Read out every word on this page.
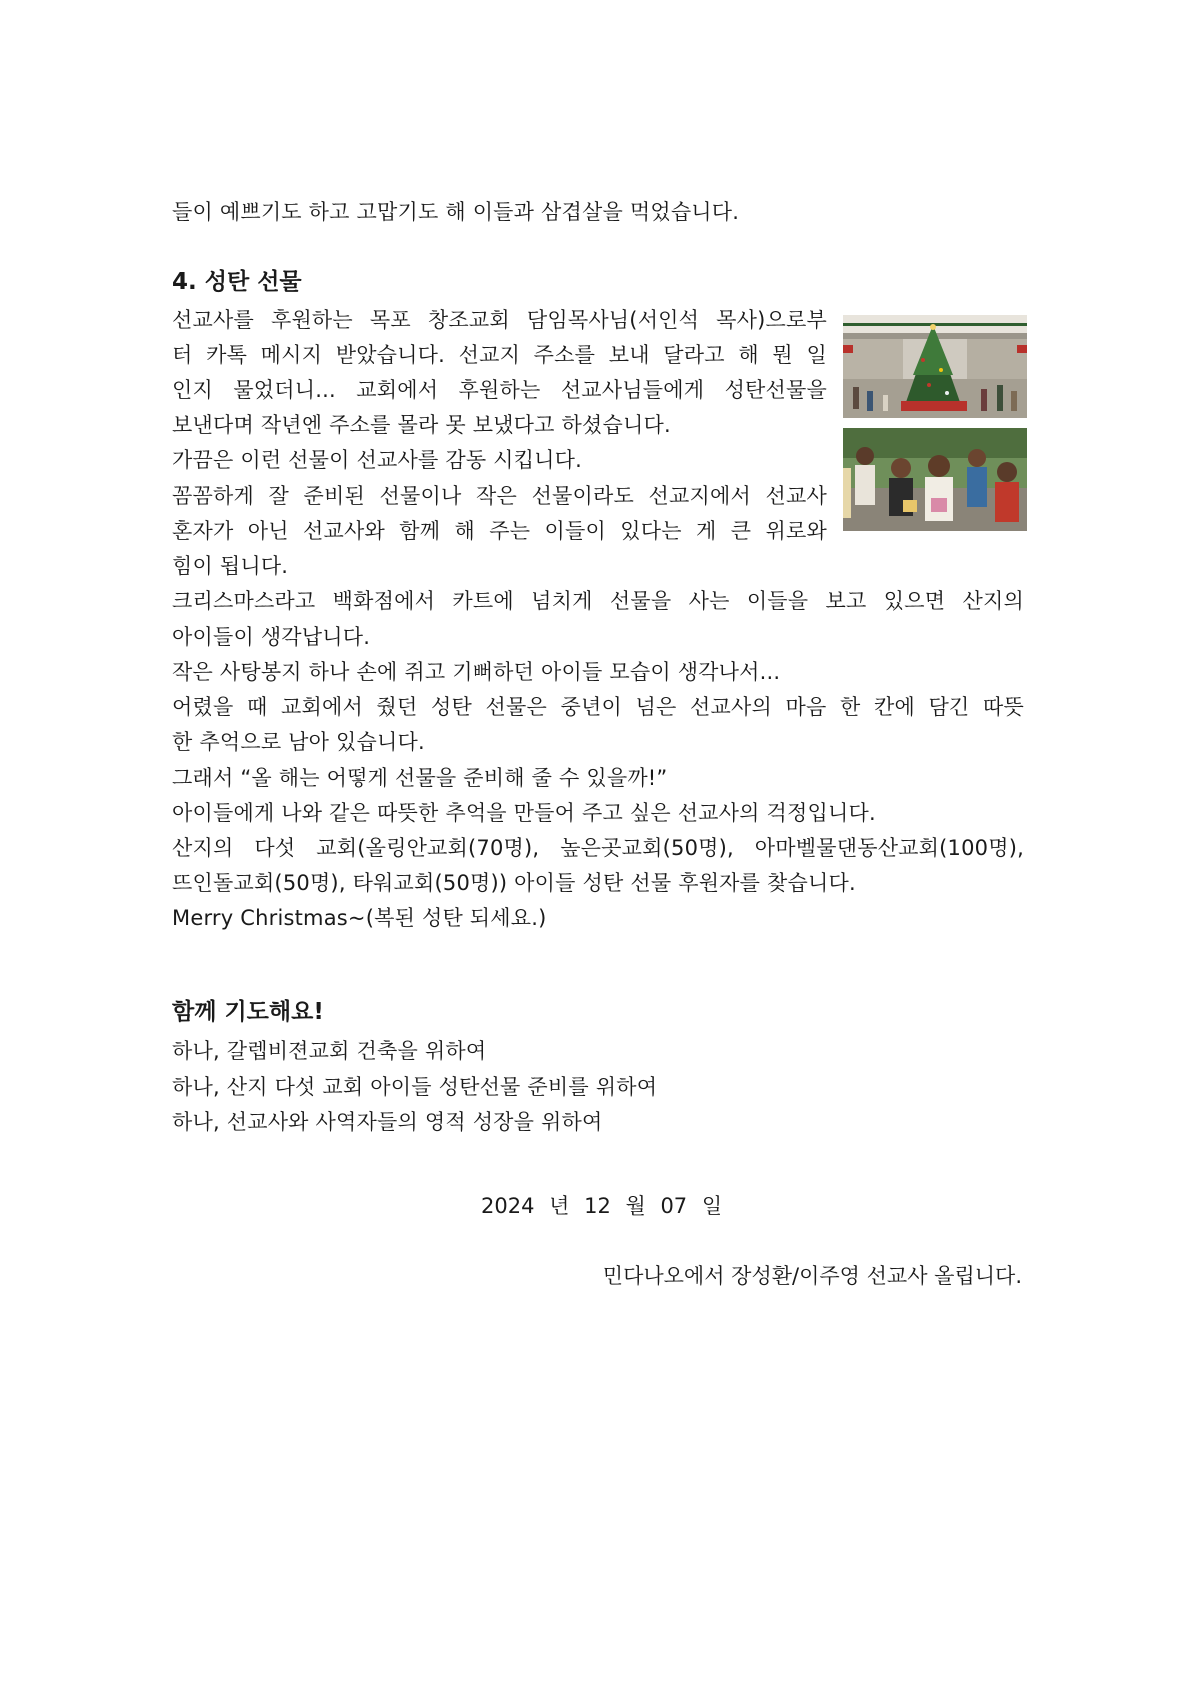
들이 예쁘기도 하고 고맙기도 해 이들과 삼겹살을 먹었습니다.
4. 성탄 선물
선교사를 후원하는 목포 창조교회 담임목사님(서인석 목사)으로부
터 카톡 메시지 받았습니다. 선교지 주소를 보내 달라고 해 뭔 일
인지 물었더니... 교회에서 후원하는 선교사님들에게 성탄선물을
보낸다며 작년엔 주소를 몰라 못 보냈다고 하셨습니다.
가끔은 이런 선물이 선교사를 감동 시킵니다.
꼼꼼하게 잘 준비된 선물이나 작은 선물이라도 선교지에서 선교사
혼자가 아닌 선교사와 함께 해 주는 이들이 있다는 게 큰 위로와
힘이 됩니다.
크리스마스라고 백화점에서 카트에 넘치게 선물을 사는 이들을 보고 있으면 산지의
아이들이 생각납니다.
작은 사탕봉지 하나 손에 쥐고 기뻐하던 아이들 모습이 생각나서...
어렸을 때 교회에서 줬던 성탄 선물은 중년이 넘은 선교사의 마음 한 칸에 담긴 따뜻
한 추억으로 남아 있습니다.
그래서 “올 해는 어떻게 선물을 준비해 줄 수 있을까!”
아이들에게 나와 같은 따뜻한 추억을 만들어 주고 싶은 선교사의 걱정입니다.
산지의 다섯 교회(올링안교회(70명), 높은곳교회(50명), 아마벨물댄동산교회(100명),
뜨인돌교회(50명), 타워교회(50명)) 아이들 성탄 선물 후원자를 찾습니다.
Merry Christmas~(복된 성탄 되세요.)
함께 기도해요!
하나, 갈렙비젼교회 건축을 위하여
하나, 산지 다섯 교회 아이들 성탄선물 준비를 위하여
하나, 선교사와 사역자들의 영적 성장을 위하여
2024 년 12 월 07 일
민다나오에서 장성환/이주영 선교사 올립니다.
